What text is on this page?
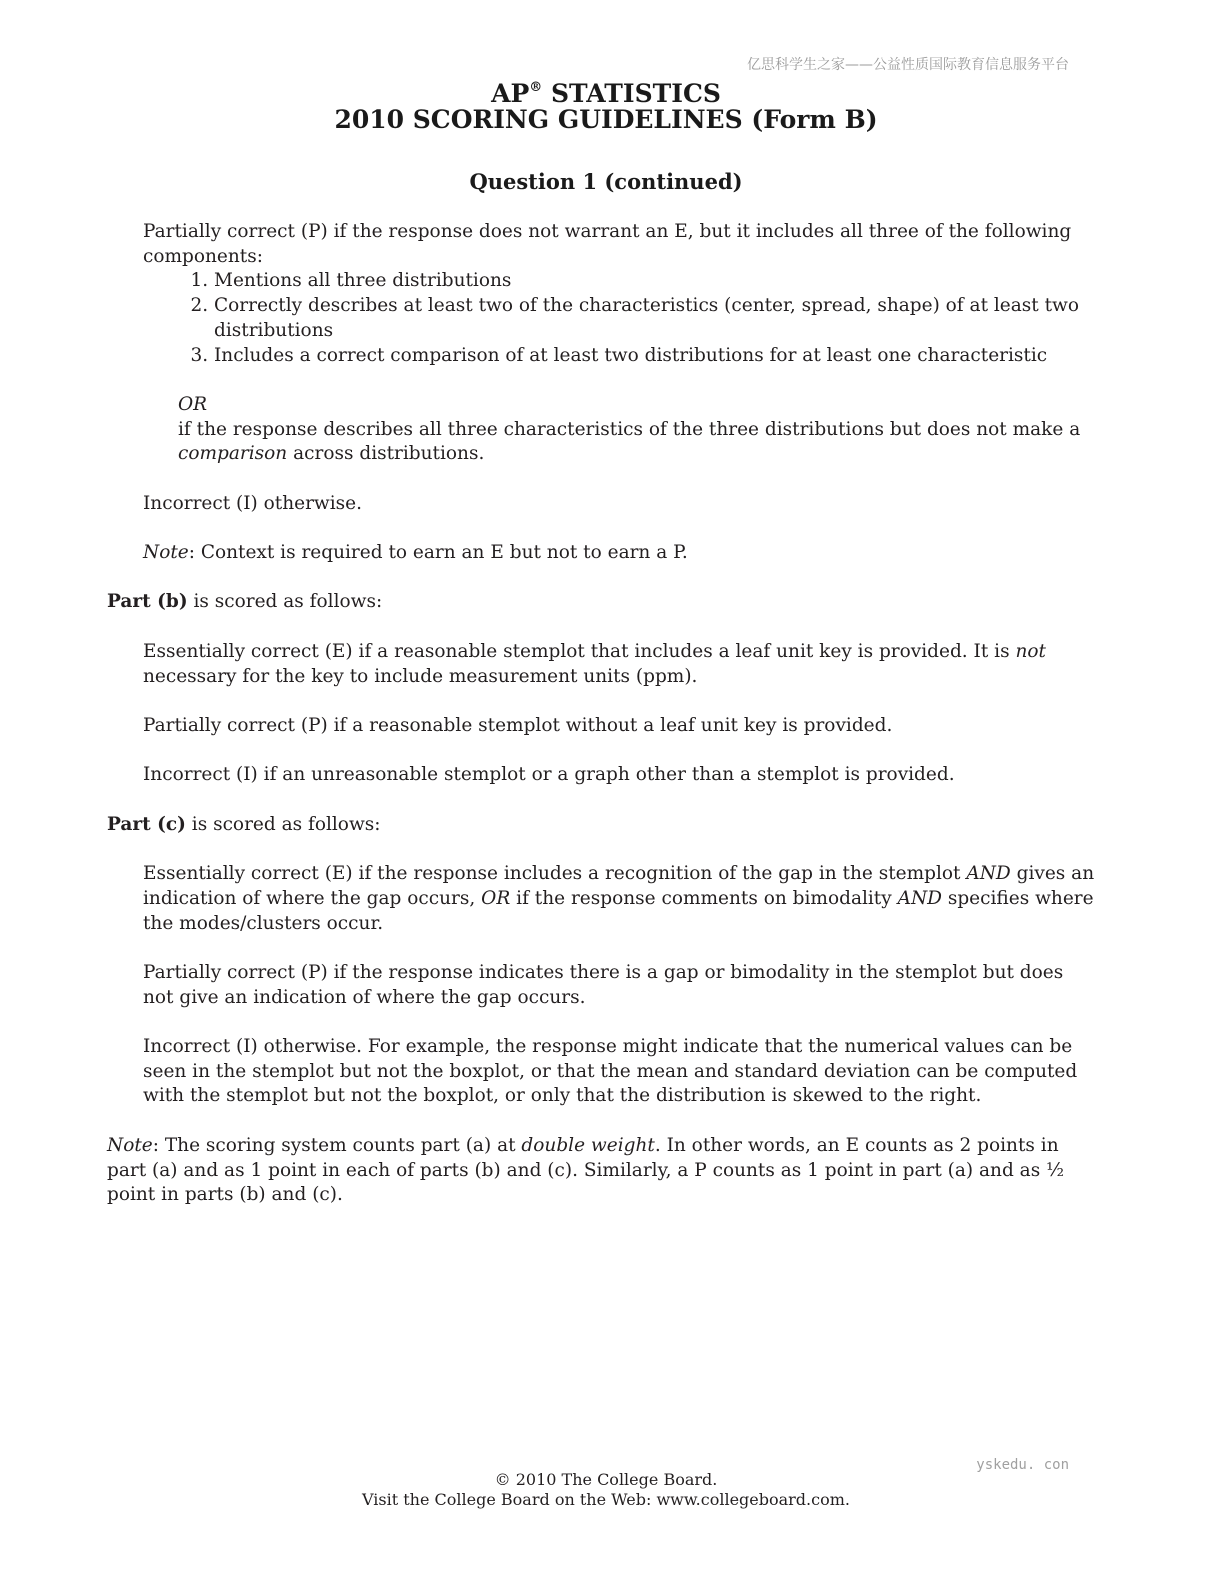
亿思科学生之家——公益性质国际教育信息服务平台
AP® STATISTICS
2010 SCORING GUIDELINES (Form B)
Question 1 (continued)

Partially correct (P) if the response does not warrant an E, but it includes all three of the following components:

1. Mentions all three distributions
2. Correctly describes at least two of the characteristics (center, spread, shape) of at least two distributions
3. Includes a correct comparison of at least two distributions for at least one characteristic

OR

if the response describes all three characteristics of the three distributions but does not make a comparison across distributions.

Incorrect (I) otherwise.

Note: Context is required to earn an E but not to earn a P.

Part (b) is scored as follows:

Essentially correct (E) if a reasonable stemplot that includes a leaf unit key is provided. It is not necessary for the key to include measurement units (ppm).

Partially correct (P) if a reasonable stemplot without a leaf unit key is provided.

Incorrect (I) if an unreasonable stemplot or a graph other than a stemplot is provided.

Part (c) is scored as follows:

Essentially correct (E) if the response includes a recognition of the gap in the stemplot AND gives an indication of where the gap occurs, OR if the response comments on bimodality AND specifies where the modes/clusters occur.

Partially correct (P) if the response indicates there is a gap or bimodality in the stemplot but does not give an indication of where the gap occurs.

Incorrect (I) otherwise. For example, the response might indicate that the numerical values can be seen in the stemplot but not the boxplot, or that the mean and standard deviation can be computed with the stemplot but not the boxplot, or only that the distribution is skewed to the right.

Note: The scoring system counts part (a) at double weight. In other words, an E counts as 2 points in part (a) and as 1 point in each of parts (b) and (c). Similarly, a P counts as 1 point in part (a) and as ½ point in parts (b) and (c).

yskedu. con
© 2010 The College Board.
Visit the College Board on the Web: www.collegeboard.com.
